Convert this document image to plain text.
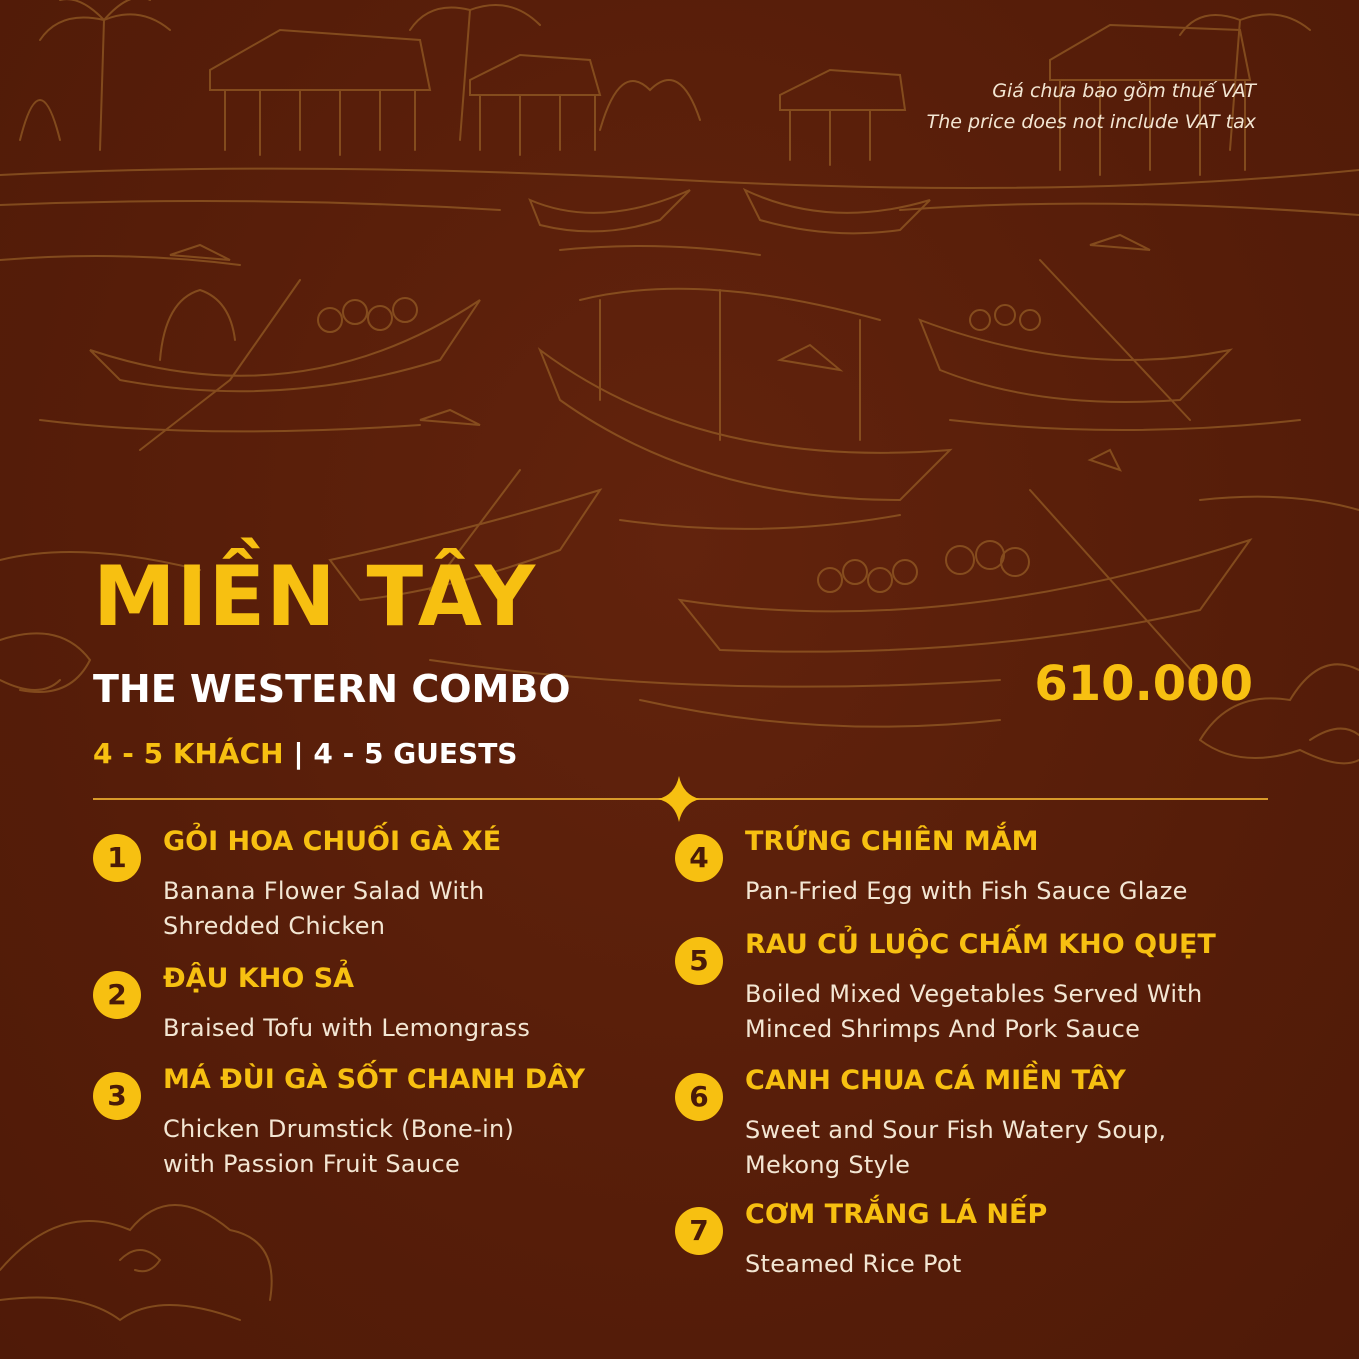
Giá chưa bao gồm thuế VAT
The price does not include VAT tax
MIỀN TÂY
THE WESTERN COMBO
4 - 5 KHÁCH | 4 - 5 GUESTS
610.000
1	GỎI HOA CHUỐI GÀ XÉ
Banana Flower Salad With
Shredded Chicken
2	ĐẬU KHO SẢ
Braised Tofu with Lemongrass
3	MÁ ĐÙI GÀ SỐT CHANH DÂY
Chicken Drumstick (Bone-in)
with Passion Fruit Sauce
4	TRỨNG CHIÊN MẮM
Pan-Fried Egg with Fish Sauce Glaze
5	RAU CỦ LUỘC CHẤM KHO QUẸT
Boiled Mixed Vegetables Served With
Minced Shrimps And Pork Sauce
6	CANH CHUA CÁ MIỀN TÂY
Sweet and Sour Fish Watery Soup,
Mekong Style
7	CƠM TRẮNG LÁ NẾP
Steamed Rice Pot
